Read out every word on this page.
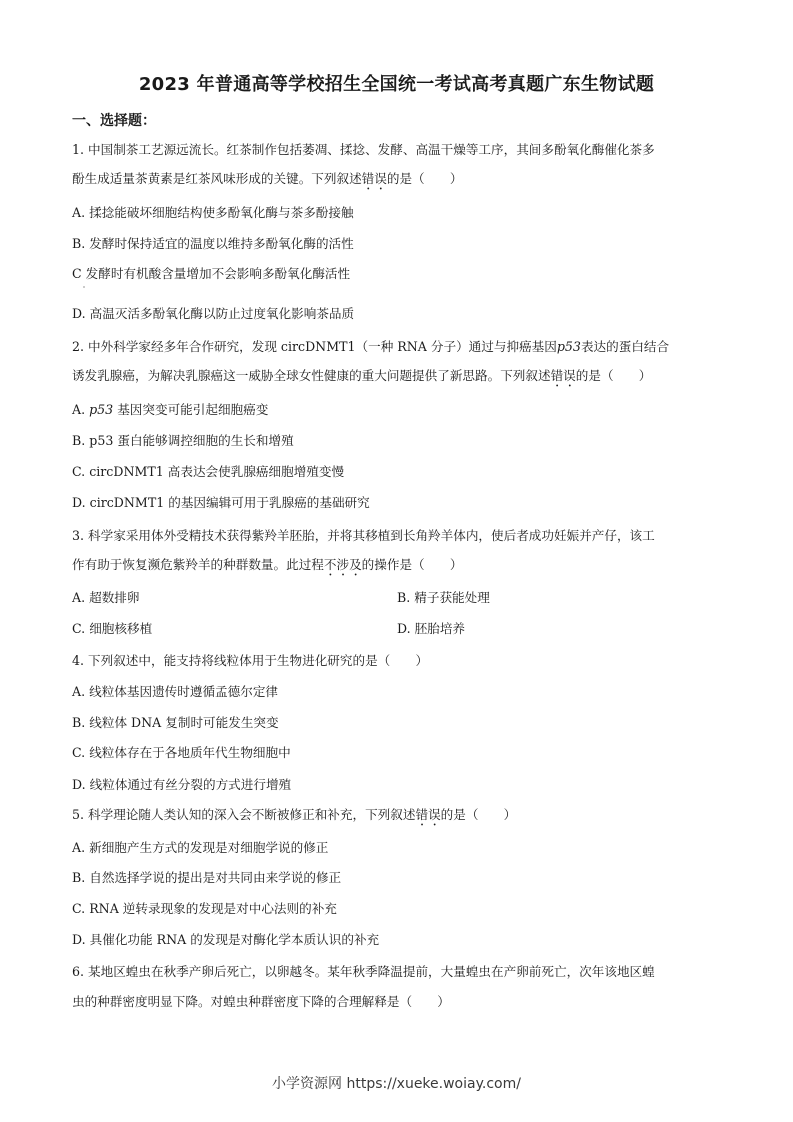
2023 年普通高等学校招生全国统一考试高考真题广东生物试题
一、选择题：
1. 中国制茶工艺源远流长。红茶制作包括萎凋、揉捻、发酵、高温干燥等工序，其间多酚氧化酶催化茶多
酚生成适量茶黄素是红茶风味形成的关键。下列叙述错误的是（　　）
A. 揉捻能破坏细胞结构使多酚氧化酶与茶多酚接触
B. 发酵时保持适宜的温度以维持多酚氧化酶的活性
C 发酵时有机酸含量增加不会影响多酚氧化酶活性
D. 高温灭活多酚氧化酶以防止过度氧化影响茶品质
2. 中外科学家经多年合作研究，发现 circDNMT1（一种 RNA 分子）通过与抑癌基因p53表达的蛋白结合
诱发乳腺癌，为解决乳腺癌这一威胁全球女性健康的重大问题提供了新思路。下列叙述错误的是（　　）
A. p53 基因突变可能引起细胞癌变
B. p53 蛋白能够调控细胞的生长和增殖
C. circDNMT1 高表达会使乳腺癌细胞增殖变慢
D. circDNMT1 的基因编辑可用于乳腺癌的基础研究
3. 科学家采用体外受精技术获得紫羚羊胚胎，并将其移植到长角羚羊体内，使后者成功妊娠并产仔，该工
作有助于恢复濒危紫羚羊的种群数量。此过程不涉及的操作是（　　）
A. 超数排卵	B. 精子获能处理
C. 细胞核移植	D. 胚胎培养
4. 下列叙述中，能支持将线粒体用于生物进化研究的是（　　）
A. 线粒体基因遗传时遵循孟德尔定律
B. 线粒体 DNA 复制时可能发生突变
C. 线粒体存在于各地质年代生物细胞中
D. 线粒体通过有丝分裂的方式进行增殖
5. 科学理论随人类认知的深入会不断被修正和补充，下列叙述错误的是（　　）
A. 新细胞产生方式的发现是对细胞学说的修正
B. 自然选择学说的提出是对共同由来学说的修正
C. RNA 逆转录现象的发现是对中心法则的补充
D. 具催化功能 RNA 的发现是对酶化学本质认识的补充
6. 某地区蝗虫在秋季产卵后死亡，以卵越冬。某年秋季降温提前，大量蝗虫在产卵前死亡，次年该地区蝗
虫的种群密度明显下降。对蝗虫种群密度下降的合理解释是（　　）
小学资源网 https://xueke.woiay.com/
